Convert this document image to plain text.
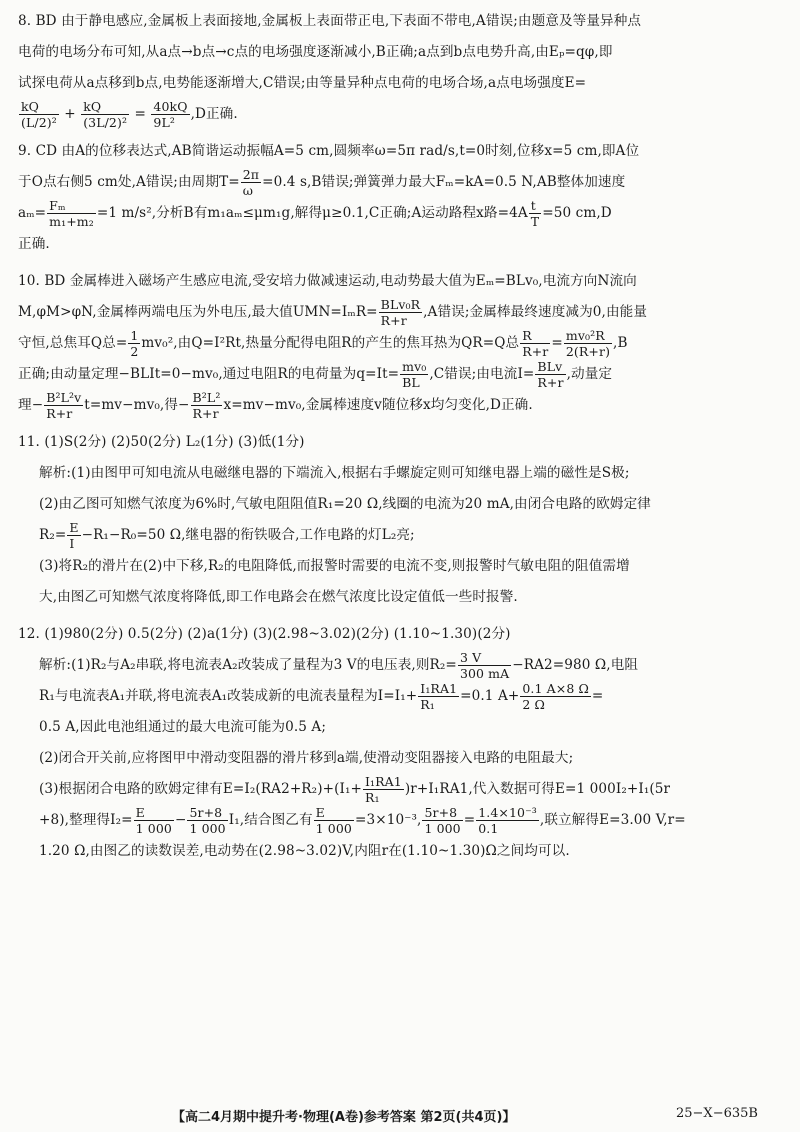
8. BD 由于静电感应,金属板上表面接地,金属板上表面带正电,下表面不带电,A错误;由题意及等量异种点

电荷的电场分布可知,从a点→b点→c点的电场强度逐渐减小,B正确;a点到b点电势升高,由Eₚ=qφ,即

试探电荷从a点移到b点,电势能逐渐增大,C错误;由等量异种点电荷的电场合场,a点电场强度E=

$\frac{kQ}{\text{(L/2)²}} + \frac{kQ}{\text{(3L/2)²}} = \frac{40kQ}{\text{9L²}} ,D$正确.

9. CD 由A的位移表达式,AB简谐运动振幅A=5 cm,圆频率ω=5π rad/s,t=0时刻,位移x=5 cm,即A位

于O点右侧5 cm处,A错误;由周期$T= \frac{2\pi}{\omega} =0.4$ s,B错误;弹簧弹力最大Fₘ=kA=0.5 N,AB整体加速度

$a_m= \frac{\text{Fₘ}}{\text{m₁+m₂}} =1$ m/s²,分析B有m₁aₘ≤μm₁g,解得μ≥0.1,C正确;A运动路程x路$=4A \frac{t}{T} =50$ cm,D

正确.

10. BD 金属棒进入磁场产生感应电流,受安培力做减速运动,电动势最大值为Eₘ=BLv₀,电流方向N流向

M,φM>φN,金属棒两端电压为外电压,最大值$UMN=I_mR= \frac{\text{BLv₀R}}{R+r} ,A$错误;金属棒最终速度减为0,由能量

守恒,总焦耳Q总= $\frac{1}{2} mv_0^2$,由Q=I²Rt,热量分配得电阻R的产生的焦耳热为QR=Q总 $\frac{R}{R+r} = \frac{\text{mv₀²R}}{2(R+r)} ,B$

正确;由动量定理−BLIt=0−mv₀,通过电阻R的电荷量为$q=It= \frac{\text{mv₀}}{BL} ,C$错误;由电流$I= \frac{\text{BLv}}{R+r}$ ,动量定

理− $\frac{\text{B²L²v}}{R+r} t=mv-mv_0$,得− $\frac{\text{B²L²}}{R+r} x=mv-mv_0$,金属棒速度v随位移x均匀变化,D正确.

11. (1)S(2分) (2)50(2分) L₂(1分) (3)低(1分)

解析:(1)由图甲可知电流从电磁继电器的下端流入,根据右手螺旋定则可知继电器上端的磁性是S极;

(2)由乙图可知燃气浓度为6%时,气敏电阻阻值R₁=20 Ω,线圈的电流为20 mA,由闭合电路的欧姆定律

$R_2= \frac{E}{I} -R_1-R_0=50$ Ω,继电器的衔铁吸合,工作电路的灯L₂亮;

(3)将R₂的滑片在(2)中下移,R₂的电阻降低,而报警时需要的电流不变,则报警时气敏电阻的阻值需增

大,由图乙可知燃气浓度将降低,即工作电路会在燃气浓度比设定值低一些时报警.

12. (1)980(2分) 0.5(2分) (2)a(1分) (3)(2.98~3.02)(2分) (1.10~1.30)(2分)

解析:(1)R₂与A₂串联,将电流表A₂改装成了量程为3 V的电压表,则$R_2= \frac{3 V}{300 mA} -RA2=980$ Ω,电阻

R₁与电流表A₁并联,将电流表A₁改装成新的电流表量程为$I=I_1+ \frac{\text{I₁RA1}}{\text{R₁}} =0.1$ $A+ \frac{0.1 A\times 8 \Omega}{2 \Omega}$ =

0.5 A,因此电池组通过的最大电流可能为0.5 A;

(2)闭合开关前,应将图甲中滑动变阻器的滑片移到a端,使滑动变阻器接入电路的电阻最大;

(3)根据闭合电路的欧姆定律有$E=I_2(RA2+R_2)+(I_1+ \frac{\text{I₁RA1}}{\text{R₁}} )r+I_1RA1$,代入数据可得E=1 000I₂+I₁(5r

+8),整理得$I_2= \frac{E}{1 000} - \frac{5r+8}{1 000} I_1$,结合图乙有 $\frac{E}{1 000} =3\times 10^{-3}$, $\frac{5r+8}{1 000} = \frac{\text{1.4×10⁻³}}{0.1}$ ,联立解得E=3.00 V,r=

1.20 Ω,由图乙的读数误差,电动势在(2.98~3.02)V,内阻r在(1.10~1.30)Ω之间均可以.

【高二4月期中提升考·物理(A卷)参考答案 第2页(共4页)】	25−X−635B
